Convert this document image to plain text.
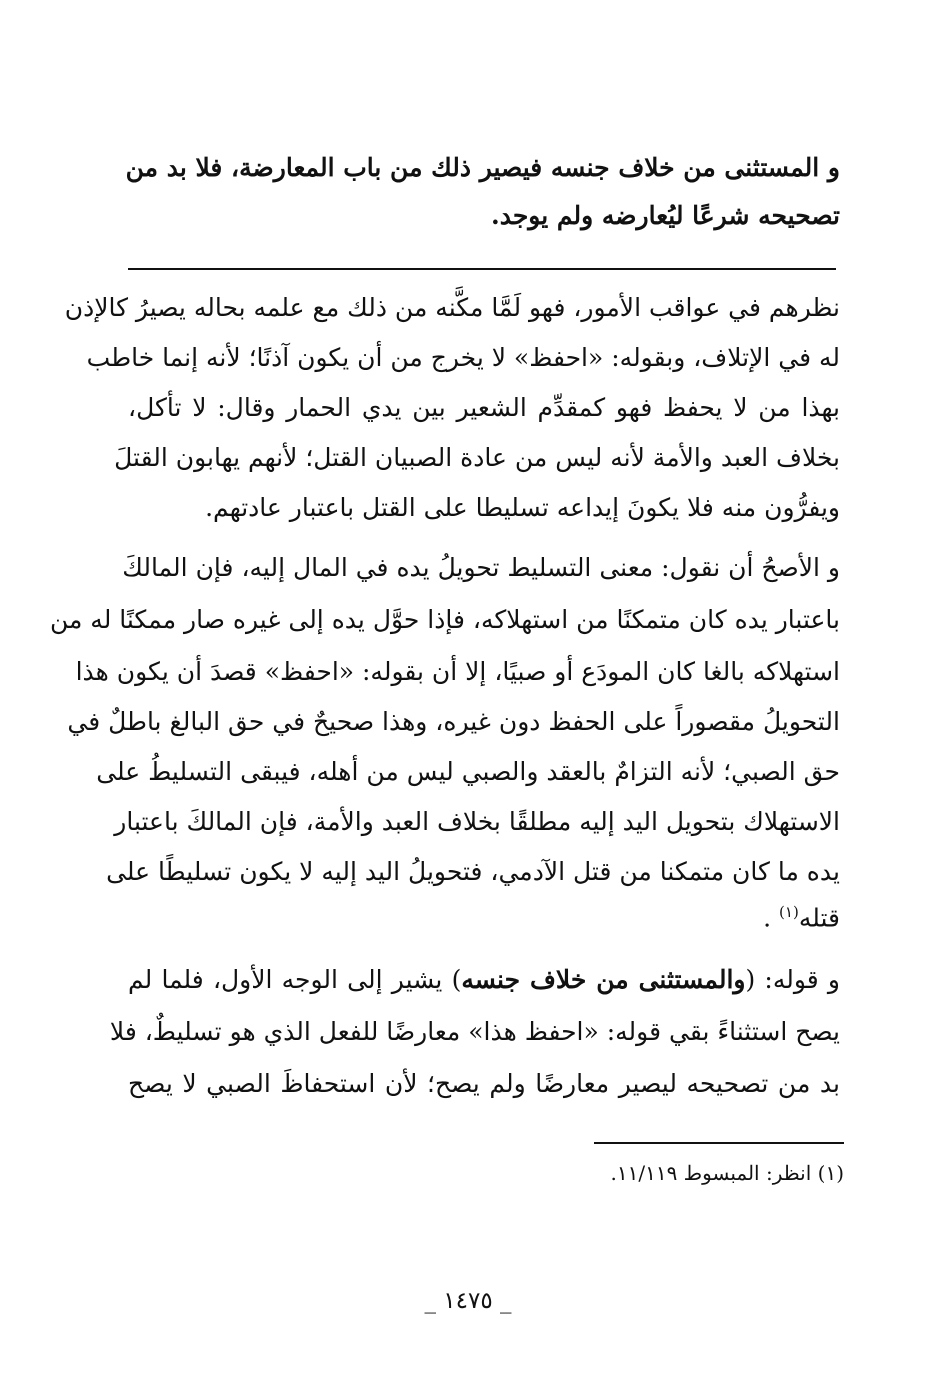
و المستثنى من خلاف جنسه فيصير ذلك من باب المعارضة، فلا بد من
تصحيحه شرعًا ليُعارضه ولم يوجد.
نظرهم في عواقب الأمور، فهو لَمَّا مكَّنه من ذلك مع علمه بحاله يصيرُ كالإذن
له في الإتلاف، وبقوله: «احفظ» لا يخرج من أن يكون آذنًا؛ لأنه إنما خاطب
بهذا من لا يحفظ فهو كمقدِّم الشعير بين يدي الحمار وقال: لا تأكل،
بخلاف العبد والأمة لأنه ليس من عادة الصبيان القتل؛ لأنهم يهابون القتلَ
ويفرُّون منه فلا يكونَ إيداعه تسليطا على القتل باعتبار عادتهم.
و الأصحُ أن نقول: معنى التسليط تحويلُ يده في المال إليه، فإن المالكَ
باعتبار يده كان متمكنًا من استهلاكه، فإذا حوَّل يده إلى غيره صار ممكنًا له من
استهلاكه بالغا كان المودَع أو صبيًا، إلا أن بقوله: «احفظ» قصدَ أن يكون هذا
التحويلُ مقصوراً على الحفظ دون غيره، وهذا صحيحٌ في حق البالغ باطلٌ في
حق الصبي؛ لأنه التزامٌ بالعقد والصبي ليس من أهله، فيبقى التسليطُ على
الاستهلاك بتحويل اليد إليه مطلقًا بخلاف العبد والأمة، فإن المالكَ باعتبار
يده ما كان متمكنا من قتل الآدمي، فتحويلُ اليد إليه لا يكون تسليطًا على
قتله$^{(١)}$ .
و قوله: (والمستثنى من خلاف جنسه) يشير إلى الوجه الأول، فلما لم
يصح استثناءً بقي قوله: «احفظ هذا» معارضًا للفعل الذي هو تسليطٌ، فلا
بد من تصحيحه ليصير معارضًا ولم يصح؛ لأن استحفاظَ الصبي لا يصح
(١) انظر: المبسوط ١١/١١٩.
_ ١٤٧٥ _
